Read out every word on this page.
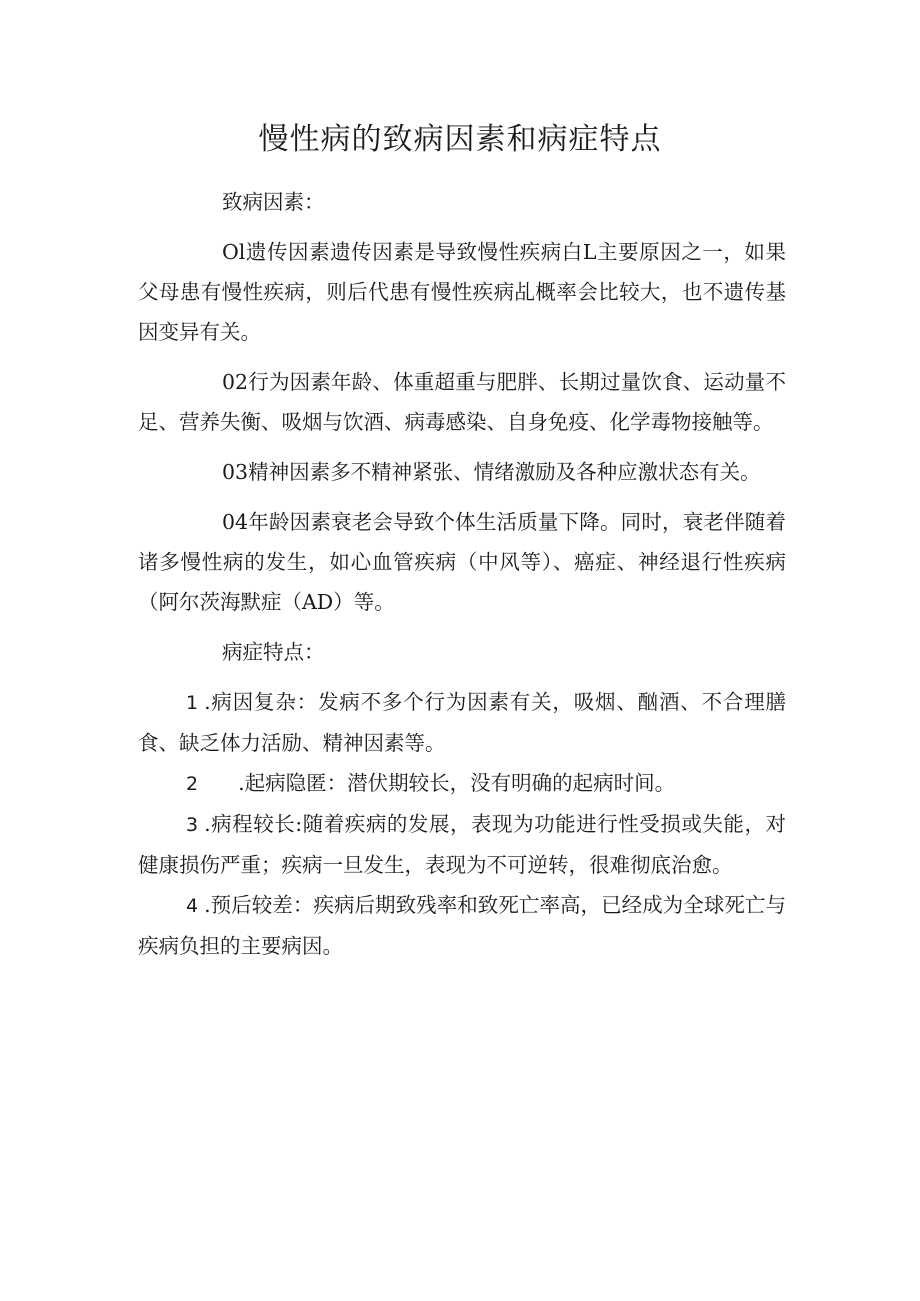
慢性病的致病因素和病症特点

致病因素：

Ol遗传因素遗传因素是导致慢性疾病白L主要原因之一，如果父母患有慢性疾病，则后代患有慢性疾病乩概率会比较大，也不遗传基因变异有关。

02行为因素年龄、体重超重与肥胖、长期过量饮食、运动量不足、营养失衡、吸烟与饮酒、病毒感染、自身免疫、化学毒物接触等。

03精神因素多不精神紧张、情绪激励及各种应激状态有关。

04年龄因素衰老会导致个体生活质量下降。同时，衰老伴随着诸多慢性病的发生，如心血管疾病（中风等）、癌症、神经退行性疾病（阿尔茨海默症（AD）等。

病症特点：

1 .病因复杂：发病不多个行为因素有关，吸烟、酗酒、不合理膳食、缺乏体力活励、精神因素等。

2 .起病隐匿：潜伏期较长，没有明确的起病时间。

3 .病程较长:随着疾病的发展，表现为功能进行性受损或失能，对健康损伤严重；疾病一旦发生，表现为不可逆转，很难彻底治愈。

4 .预后较差：疾病后期致残率和致死亡率高，已经成为全球死亡与疾病负担的主要病因。
